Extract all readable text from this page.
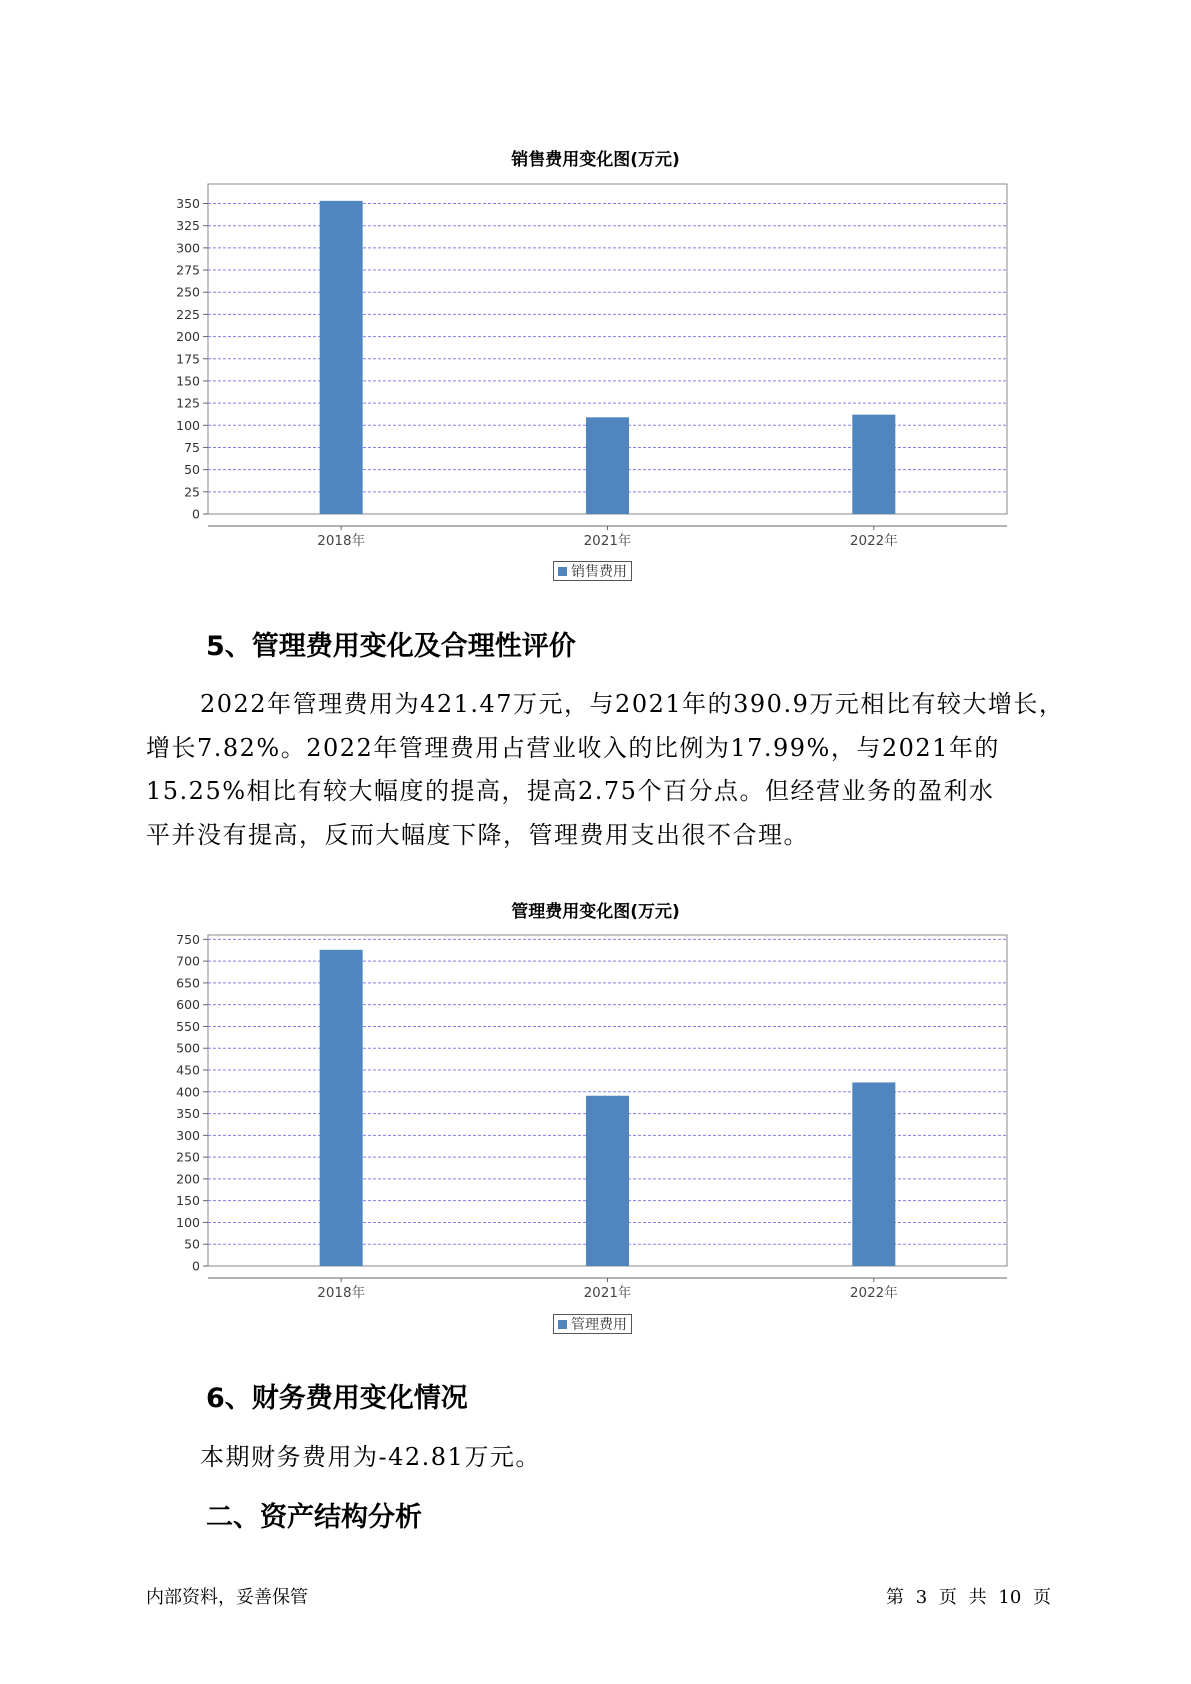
销售费用变化图(万元)
0
25
50
75
100
125
150
175
200
225
250
275
300
325
350
2018年	2021年	2022年
销售费用
5、管理费用变化及合理性评价
2022年管理费用为421.47万元，与2021年的390.9万元相比有较大增长，
增长7.82%。2022年管理费用占营业收入的比例为17.99%，与2021年的
15.25%相比有较大幅度的提高，提高2.75个百分点。但经营业务的盈利水
平并没有提高，反而大幅度下降，管理费用支出很不合理。
管理费用变化图(万元)
0
50
100
150
200
250
300
350
400
450
500
550
600
650
700
750
2018年	2021年	2022年
管理费用
6、财务费用变化情况
本期财务费用为-42.81万元。
二、资产结构分析
内部资料，妥善保管	第 3 页 共 10 页
